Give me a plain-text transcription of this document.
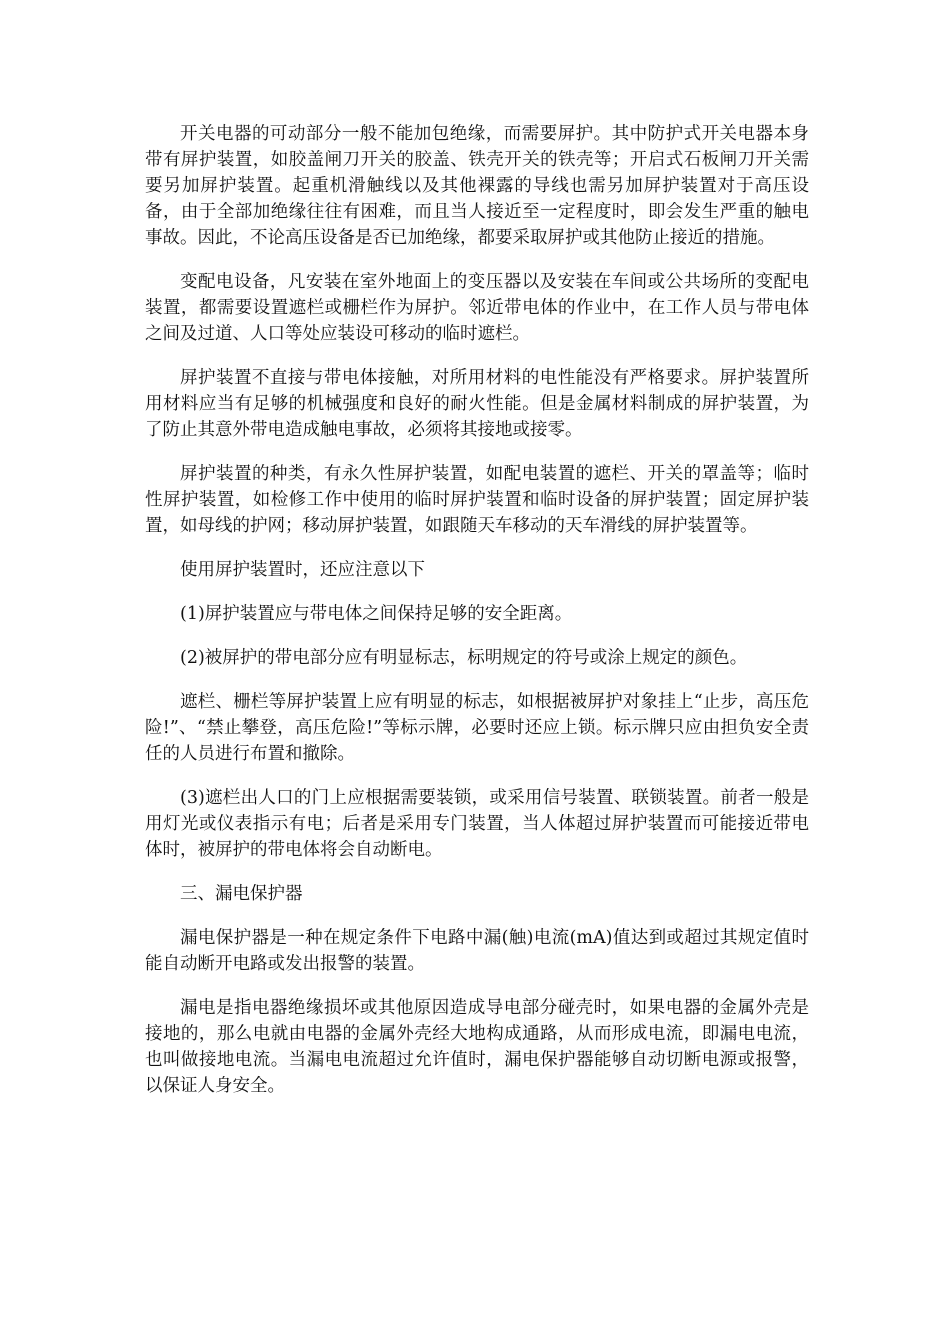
开关电器的可动部分一般不能加包绝缘，而需要屏护。其中防护式开关电器本身带有屏护装置，如胶盖闸刀开关的胶盖、铁壳开关的铁壳等；开启式石板闸刀开关需要另加屏护装置。起重机滑触线以及其他裸露的导线也需另加屏护装置对于高压设备，由于全部加绝缘往往有困难，而且当人接近至一定程度时，即会发生严重的触电事故。因此，不论高压设备是否已加绝缘，都要采取屏护或其他防止接近的措施。

变配电设备，凡安装在室外地面上的变压器以及安装在车间或公共场所的变配电装置，都需要设置遮栏或栅栏作为屏护。邻近带电体的作业中，在工作人员与带电体之间及过道、人口等处应装设可移动的临时遮栏。

屏护装置不直接与带电体接触，对所用材料的电性能没有严格要求。屏护装置所用材料应当有足够的机械强度和良好的耐火性能。但是金属材料制成的屏护装置，为了防止其意外带电造成触电事故，必须将其接地或接零。

屏护装置的种类，有永久性屏护装置，如配电装置的遮栏、开关的罩盖等；临时性屏护装置，如检修工作中使用的临时屏护装置和临时设备的屏护装置；固定屏护装置，如母线的护网；移动屏护装置，如跟随天车移动的天车滑线的屏护装置等。

使用屏护装置时，还应注意以下

(1)屏护装置应与带电体之间保持足够的安全距离。

(2)被屏护的带电部分应有明显标志，标明规定的符号或涂上规定的颜色。

遮栏、栅栏等屏护装置上应有明显的标志，如根据被屏护对象挂上“止步，高压危险!”、“禁止攀登，高压危险!”等标示牌，必要时还应上锁。标示牌只应由担负安全责任的人员进行布置和撤除。

(3)遮栏出人口的门上应根据需要装锁，或采用信号装置、联锁装置。前者一般是用灯光或仪表指示有电；后者是采用专门装置，当人体超过屏护装置而可能接近带电体时，被屏护的带电体将会自动断电。

三、漏电保护器

漏电保护器是一种在规定条件下电路中漏(触)电流(mA)值达到或超过其规定值时能自动断开电路或发出报警的装置。

漏电是指电器绝缘损坏或其他原因造成导电部分碰壳时，如果电器的金属外壳是接地的，那么电就由电器的金属外壳经大地构成通路，从而形成电流，即漏电电流，也叫做接地电流。当漏电电流超过允许值时，漏电保护器能够自动切断电源或报警，以保证人身安全。
